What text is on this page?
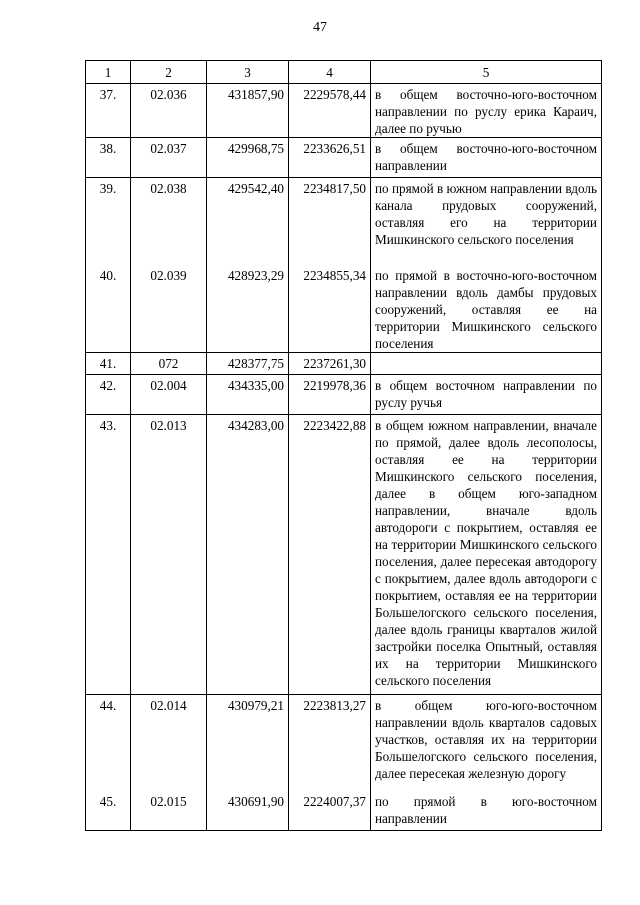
47
1	2	3	4	5
37.	02.036	431857,90	2229578,44	в общем восточно-юго-восточном направлении по руслу ерика Караич, далее по ручью
38.	02.037	429968,75	2233626,51	в общем восточно-юго-восточном направлении
39.	02.038	429542,40	2234817,50	по прямой в южном направлении вдоль канала прудовых сооружений, оставляя его на территории Мишкинского сельского поселения
40.	02.039	428923,29	2234855,34	по прямой в восточно-юго-восточном направлении вдоль дамбы прудовых сооружений, оставляя ее на территории Мишкинского сельского поселения
41.	072	428377,75	2237261,30	
42.	02.004	434335,00	2219978,36	в общем восточном направлении по руслу ручья
43.	02.013	434283,00	2223422,88	в общем южном направлении, вначале по прямой, далее вдоль лесополосы, оставляя ее на территории Мишкинского сельского поселения, далее в общем юго-западном направлении, вначале вдоль автодороги с покрытием, оставляя ее на территории Мишкинского сельского поселения, далее пересекая автодорогу с покрытием, далее вдоль автодороги с покрытием, оставляя ее на территории Большелогского сельского поселения, далее вдоль границы кварталов жилой застройки поселка Опытный, оставляя их на территории Мишкинского сельского поселения
44.	02.014	430979,21	2223813,27	в общем юго-юго-восточном направлении вдоль кварталов садовых участков, оставляя их на территории Большелогского сельского поселения, далее пересекая железную дорогу
45.	02.015	430691,90	2224007,37	по прямой в юго-восточном направлении
